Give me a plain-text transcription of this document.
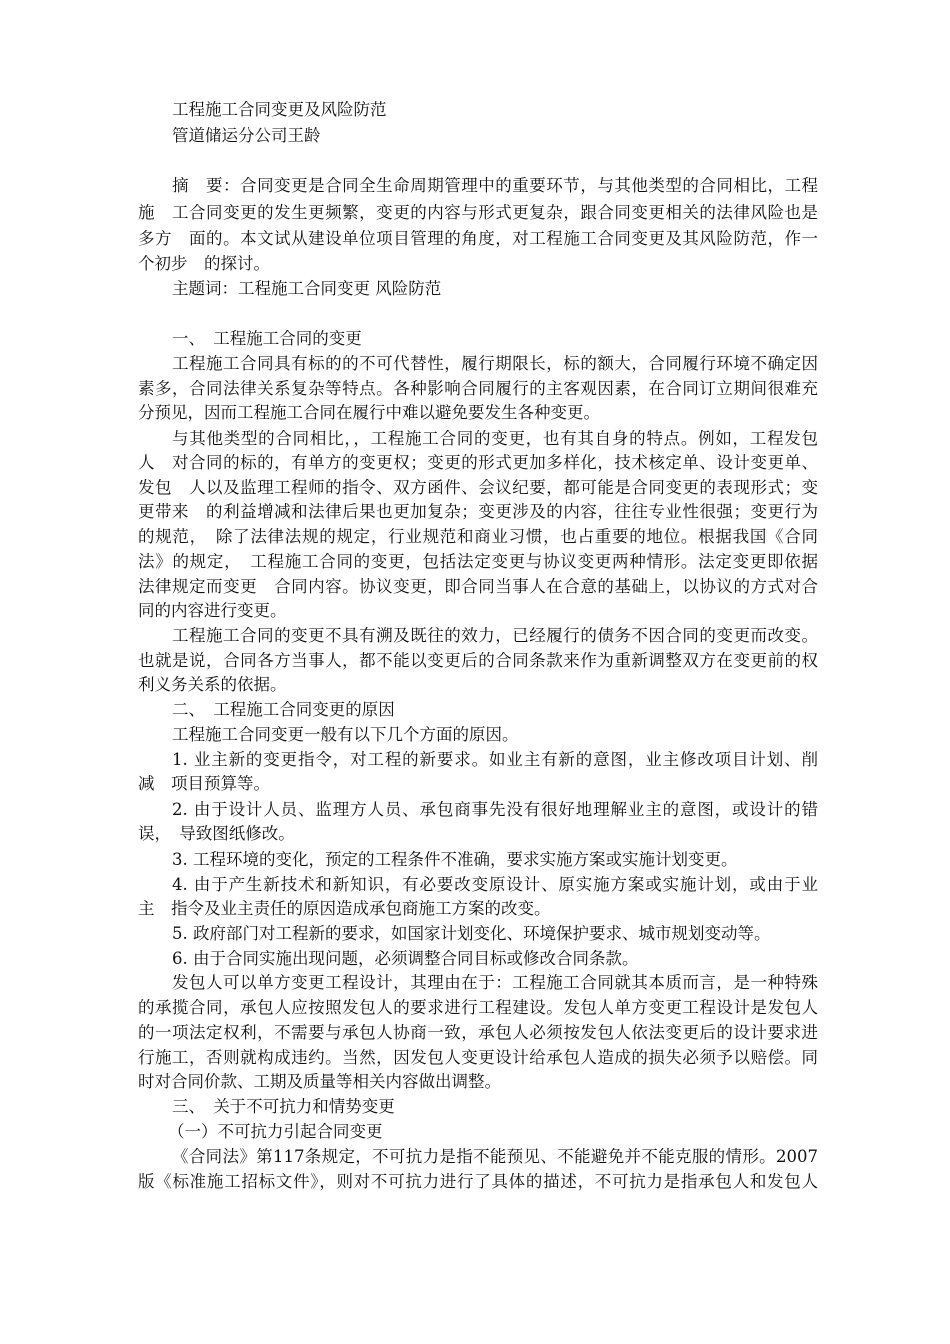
工程施工合同变更及风险防范
管道储运分公司王龄
摘　要：合同变更是合同全生命周期管理中的重要环节，与其他类型的合同相比，工程
施　工合同变更的发生更频繁，变更的内容与形式更复杂，跟合同变更相关的法律风险也是
多方　面的。本文试从建设单位项目管理的角度，对工程施工合同变更及其风险防范，作一
个初步　的探讨。
主题词：工程施工合同变更 风险防范
一、　工程施工合同的变更
工程施工合同具有标的的不可代替性，履行期限长，标的额大，合同履行环境不确定因
素多，合同法律关系复杂等特点。各种影响合同履行的主客观因素，在合同订立期间很难充
分预见，因而工程施工合同在履行中难以避免要发生各种变更。
与其他类型的合同相比，，工程施工合同的变更，也有其自身的特点。例如，工程发包
人　对合同的标的，有单方的变更权；变更的形式更加多样化，技术核定单、设计变更单、
发包　人以及监理工程师的指令、双方函件、会议纪要，都可能是合同变更的表现形式；变
更带来　的利益增减和法律后果也更加复杂；变更涉及的内容，往往专业性很强；变更行为
的规范，　除了法律法规的规定，行业规范和商业习惯，也占重要的地位。根据我国《合同
法》的规定，　工程施工合同的变更，包括法定变更与协议变更两种情形。法定变更即依据
法律规定而变更　合同内容。协议变更，即合同当事人在合意的基础上，以协议的方式对合
同的内容进行变更。
工程施工合同的变更不具有溯及既往的效力，已经履行的债务不因合同的变更而改变。
也就是说，合同各方当事人，都不能以变更后的合同条款来作为重新调整双方在变更前的权
利义务关系的依据。
二、　工程施工合同变更的原因
工程施工合同变更一般有以下几个方面的原因。
1. 业主新的变更指令，对工程的新要求。如业主有新的意图，业主修改项目计划、削
减　项目预算等。
2. 由于设计人员、监理方人员、承包商事先没有很好地理解业主的意图，或设计的错
误，　导致图纸修改。
3. 工程环境的变化，预定的工程条件不准确，要求实施方案或实施计划变更。
4. 由于产生新技术和新知识，有必要改变原设计、原实施方案或实施计划，或由于业
主　指令及业主责任的原因造成承包商施工方案的改变。
5. 政府部门对工程新的要求，如国家计划变化、环境保护要求、城市规划变动等。
6. 由于合同实施出现问题，必须调整合同目标或修改合同条款。
发包人可以单方变更工程设计，其理由在于：工程施工合同就其本质而言，是一种特殊
的承揽合同，承包人应按照发包人的要求进行工程建设。发包人单方变更工程设计是发包人
的一项法定权利，不需要与承包人协商一致，承包人必须按发包人依法变更后的设计要求进
行施工，否则就构成违约。当然，因发包人变更设计给承包人造成的损失必须予以赔偿。同
时对合同价款、工期及质量等相关内容做出调整。
三、　关于不可抗力和情势变更
（一）不可抗力引起合同变更
《合同法》第117条规定，不可抗力是指不能预见、不能避免并不能克服的情形。2007
版《标准施工招标文件》，则对不可抗力进行了具体的描述，不可抗力是指承包人和发包人
